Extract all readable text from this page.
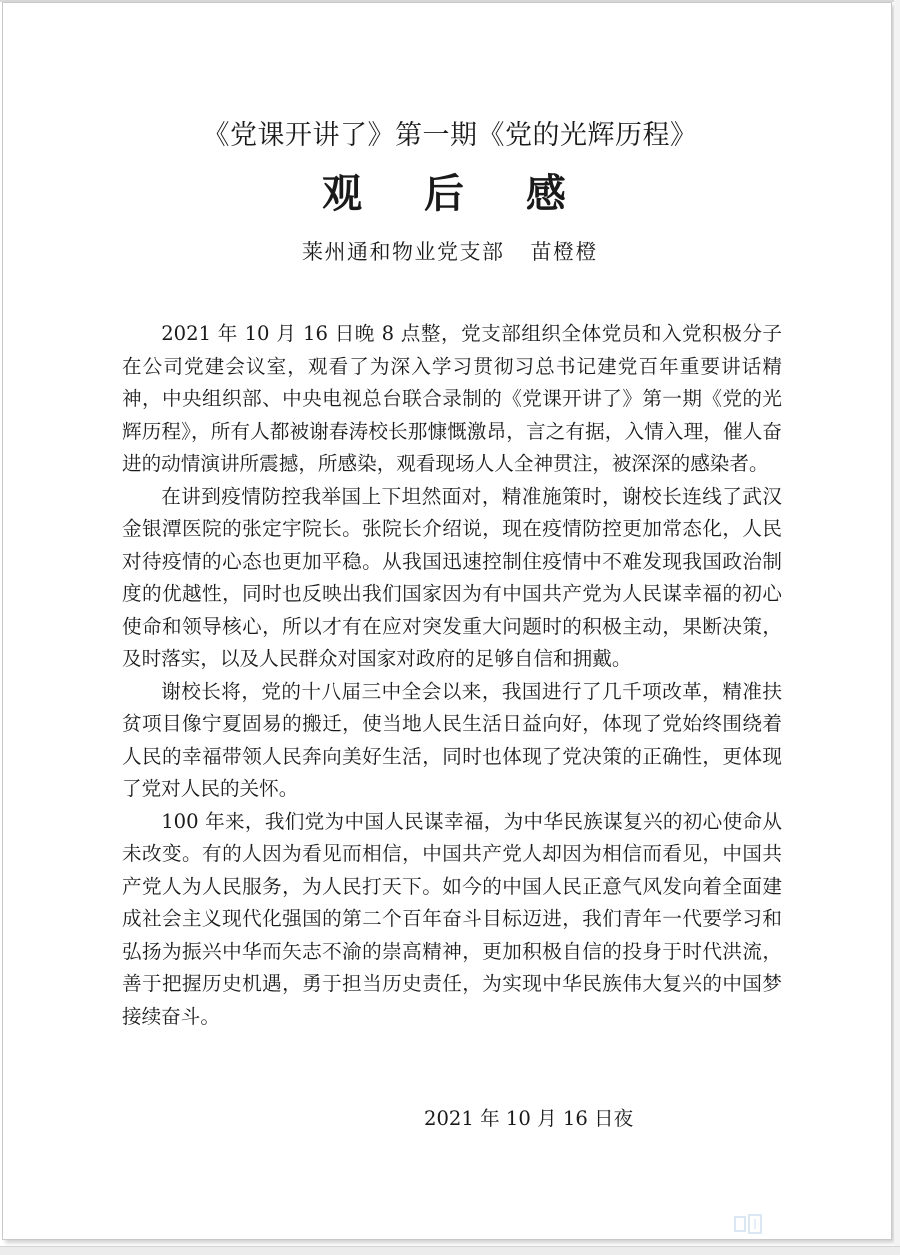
《党课开讲了》第一期《党的光辉历程》
观 后 感
莱州通和物业党支部 苗橙橙

2021 年 10 月 16 日晚 8 点整，党支部组织全体党员和入党积极分子在公司党建会议室，观看了为深入学习贯彻习总书记建党百年重要讲话精神，中央组织部、中央电视总台联合录制的《党课开讲了》第一期《党的光辉历程》，所有人都被谢春涛校长那慷慨激昂，言之有据，入情入理，催人奋进的动情演讲所震撼，所感染，观看现场人人全神贯注，被深深的感染者。

在讲到疫情防控我举国上下坦然面对，精准施策时，谢校长连线了武汉金银潭医院的张定宇院长。张院长介绍说，现在疫情防控更加常态化，人民对待疫情的心态也更加平稳。从我国迅速控制住疫情中不难发现我国政治制度的优越性，同时也反映出我们国家因为有中国共产党为人民谋幸福的初心使命和领导核心，所以才有在应对突发重大问题时的积极主动，果断决策，及时落实，以及人民群众对国家对政府的足够自信和拥戴。

谢校长将，党的十八届三中全会以来，我国进行了几千项改革，精准扶贫项目像宁夏固易的搬迁，使当地人民生活日益向好，体现了党始终围绕着人民的幸福带领人民奔向美好生活，同时也体现了党决策的正确性，更体现了党对人民的关怀。

100 年来，我们党为中国人民谋幸福，为中华民族谋复兴的初心使命从未改变。有的人因为看见而相信，中国共产党人却因为相信而看见，中国共产党人为人民服务，为人民打天下。如今的中国人民正意气风发向着全面建成社会主义现代化强国的第二个百年奋斗目标迈进，我们青年一代要学习和弘扬为振兴中华而矢志不渝的崇高精神，更加积极自信的投身于时代洪流，善于把握历史机遇，勇于担当历史责任，为实现中华民族伟大复兴的中国梦接续奋斗。

2021 年 10 月 16 日夜
